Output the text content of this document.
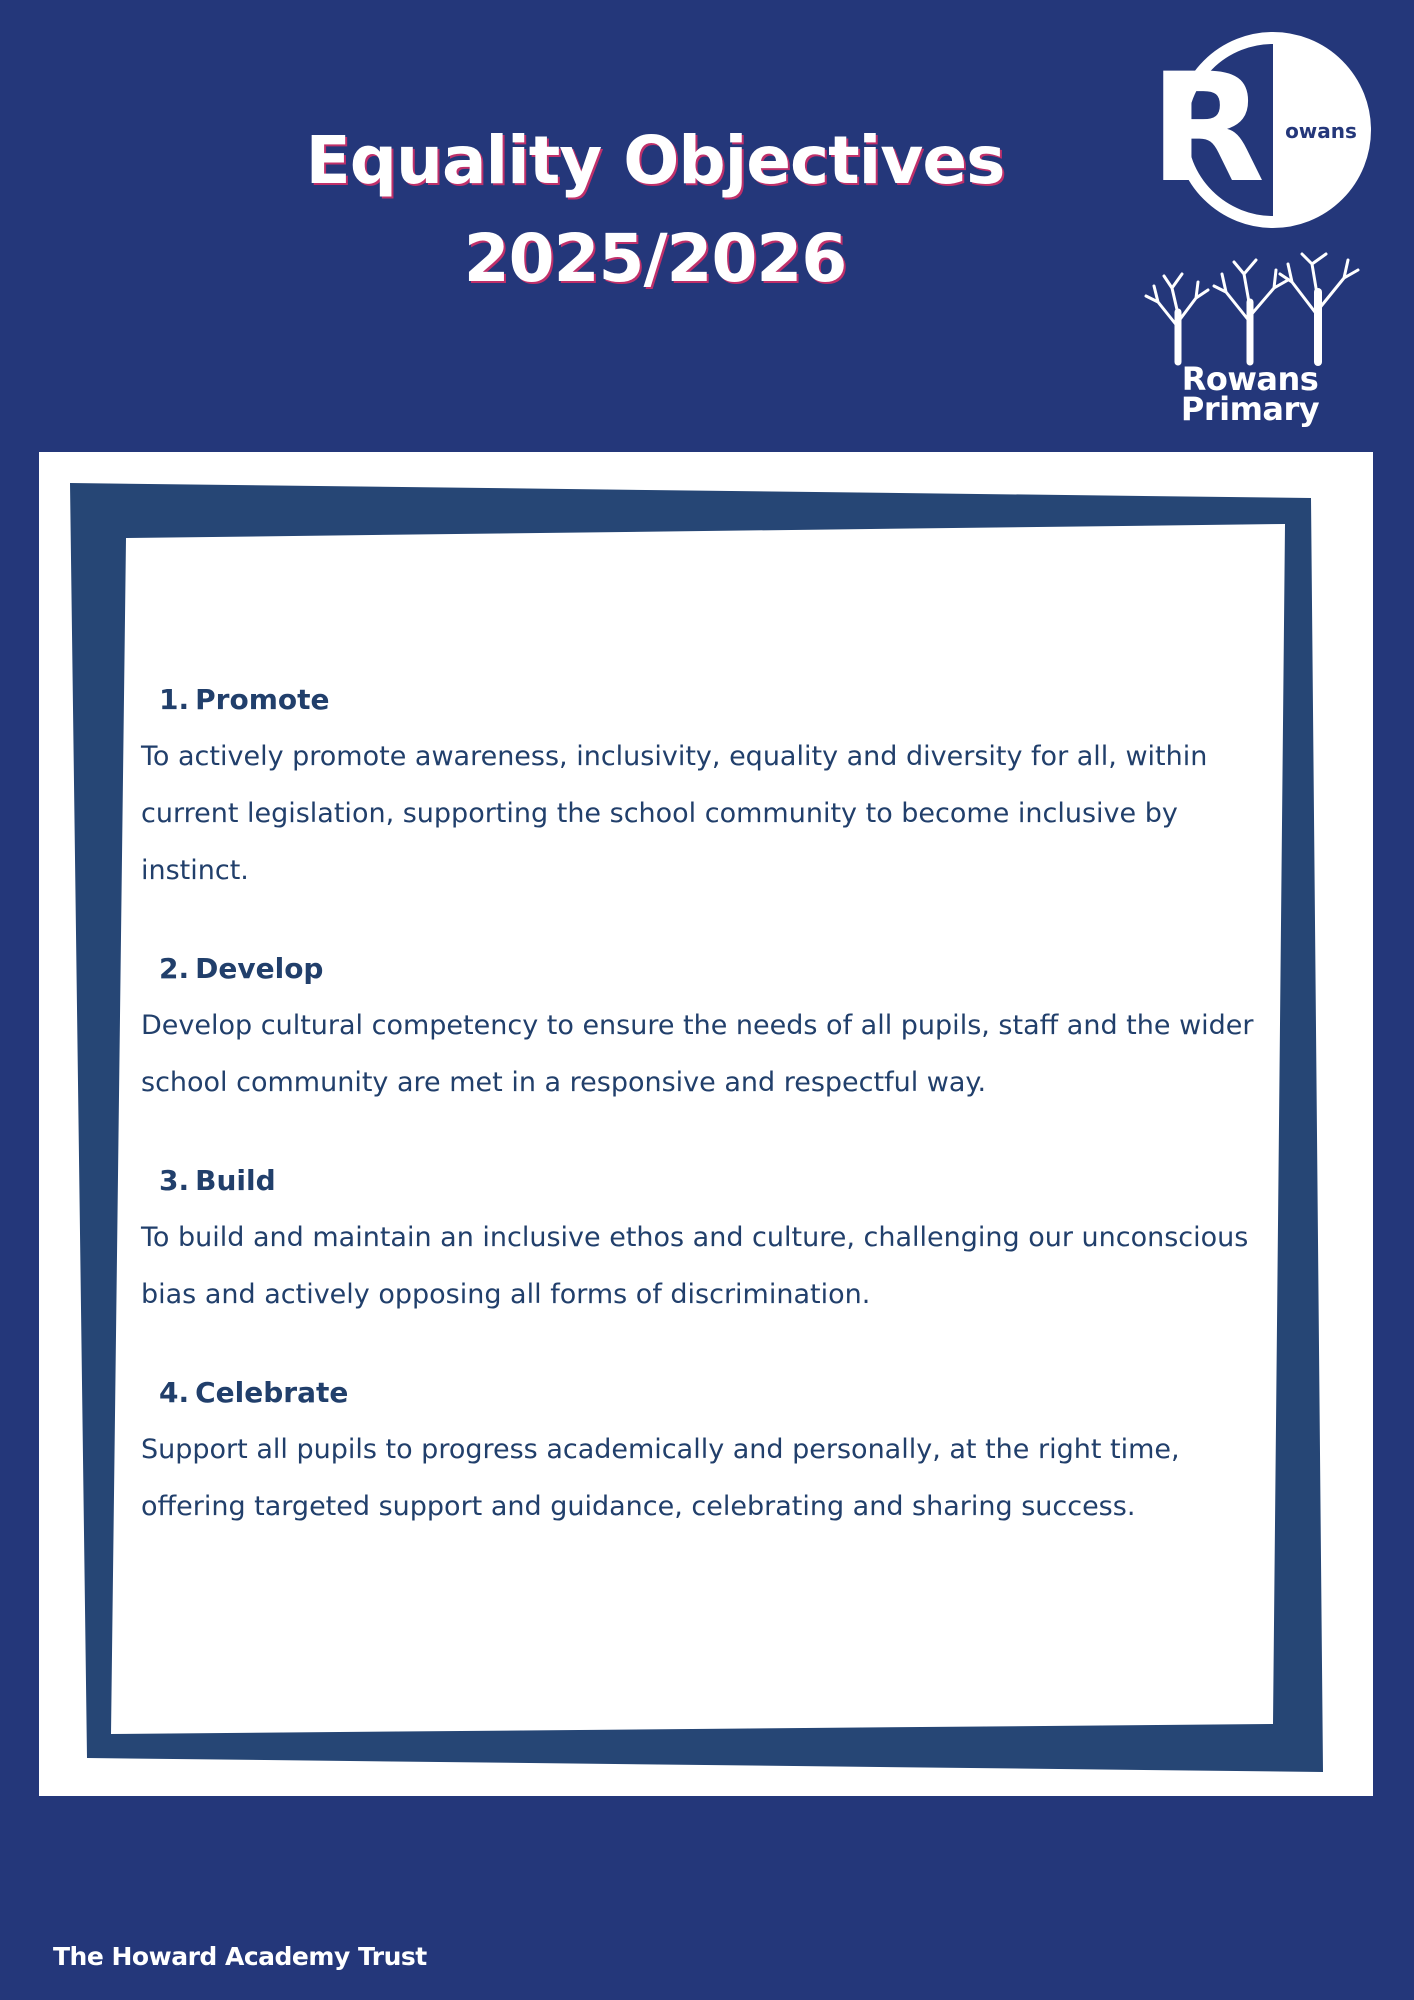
Equality Objectives
2025/2026
R owans
Rowans
Primary
1. Promote

To actively promote awareness, inclusivity, equality and diversity for all, within current legislation, supporting the school community to become inclusive by instinct.

2. Develop

Develop cultural competency to ensure the needs of all pupils, staff and the wider school community are met in a responsive and respectful way.

3. Build

To build and maintain an inclusive ethos and culture, challenging our unconscious bias and actively opposing all forms of discrimination.

4. Celebrate

Support all pupils to progress academically and personally, at the right time, offering targeted support and guidance, celebrating and sharing success.

The Howard Academy Trust
